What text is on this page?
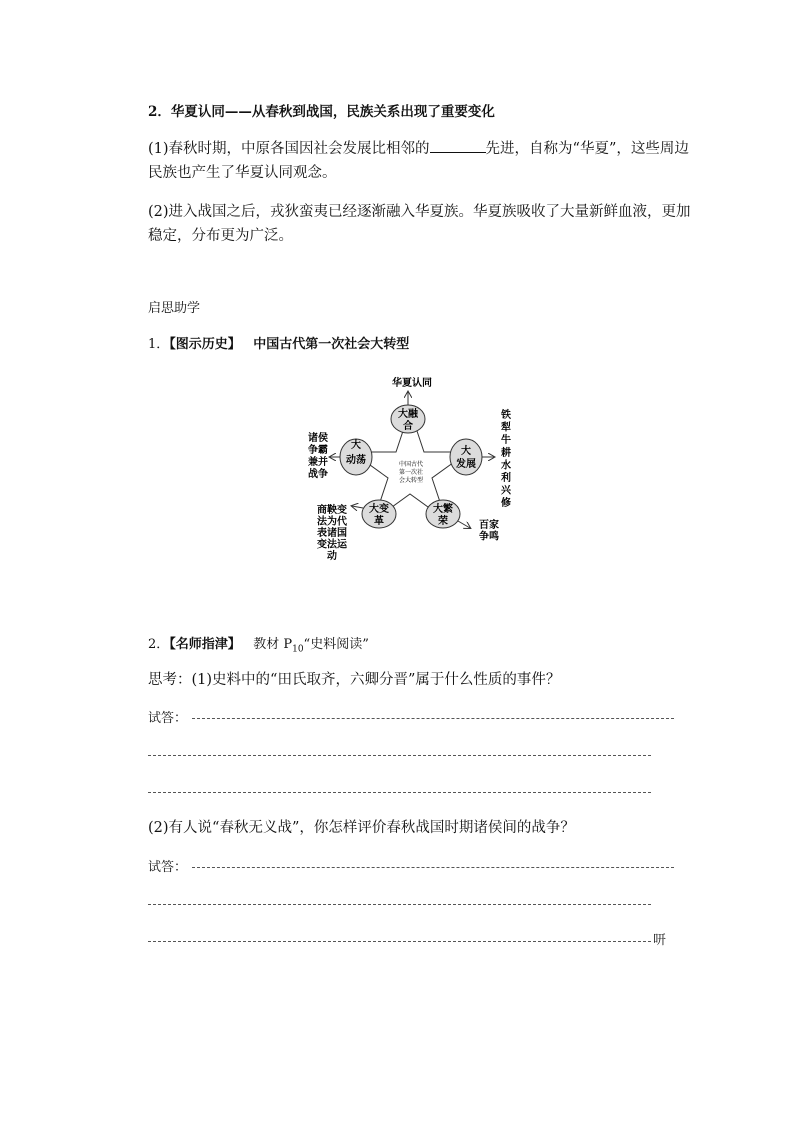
2．华夏认同——从春秋到战国，民族关系出现了重要变化
(1)春秋时期，中原各国因社会发展比相邻的	先进，自称为“华夏”，这些周边
民族也产生了华夏认同观念。
(2)进入战国之后，戎狄蛮夷已经逐渐融入华夏族。华夏族吸收了大量新鲜血液，更加
稳定，分布更为广泛。
启思助学
1．【图示历史】 中国古代第一次社会大转型
中国古代
第一次社
会大转型
大融
合
华夏认同
大
发展
铁
犁
牛
耕
水
利
兴
修
大
动荡
诸侯
争霸
兼并
战争
大变
革
商鞅变
法为代
表诸国
变法运
动
大繁
荣	百家
争鸣
2．【名师指津】 教材 $P_{10}“$史料阅读”
思考：(1)史料中的“田氏取齐，六卿分晋”属于什么性质的事件？
试答：
(2)有人说“春秋无义战”，你怎样评价春秋战国时期诸侯间的战争？
试答：
咞
